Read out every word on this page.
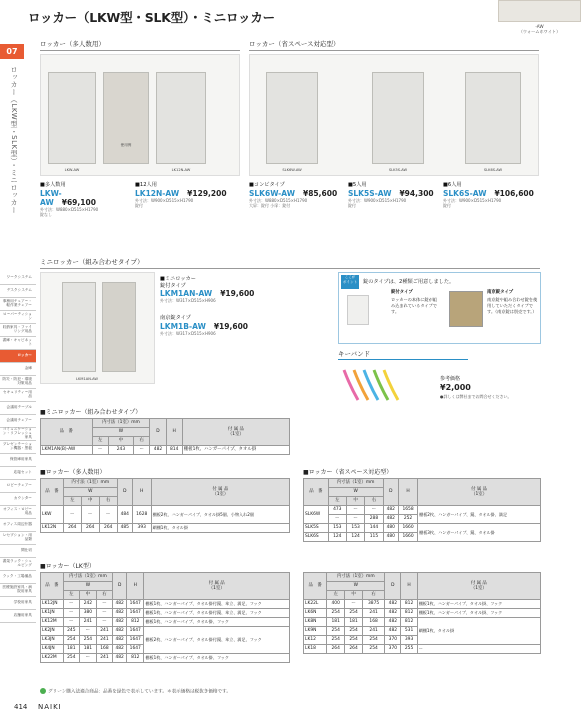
ロッカー（LKW型・SLK型）・ミニロッカー
-AW
（ウォームホワイト）
07
ロッカー（LKW型・SLK型）・ミニロッカー
ロッカー（多人数用）	ロッカー（省スペース対応型）
LKW-AW
使用例
LK12N-AW	SLK6W-AW	SLK5S-AW	SLK6S-AW
■多人数用
LKW-AW ¥69,100
外寸法：W880×D515×H1790
錠なし
■12人用
LK12N-AW ¥129,200
外寸法：W900×D515×H1790
錠付
■コンビタイプ
SLK6W-AW ¥85,600
外寸法：W880×D515×H1790
大扉：錠付 小扉：錠付
■5人用
SLK5S-AW ¥94,300
外寸法：W900×D515×H1790
錠付
■6人用
SLK6S-AW ¥106,600
外寸法：W900×D515×H1790
錠付
ワークシステム
デスクシステム
事務用チェアー・軽作業チェアー
ローパーティション
収納家具・ファイリング用品
書庫・キャビネット
ロッカー
金庫
防災・防犯・環境対策用品
セキュリティー用品
会議用テーブル
会議用チェアー
コミュニケーション・リフレッシュ家具
プレゼンテーション機器・黒板
保管庫用家具
応接セット
ロビーチェアー
カウンター
オフィス・ロビー用品
オフィス周辺什器
レセプション・用品類
間仕切
書架ラック・シェルビング
ラック・工場備品
医療施設家具・病院用家具
学校用家具
店舗用家具
ミニロッカー（組み合わせタイプ）
LKM1AN-AW
■ミニロッカー
錠付タイプ
LKM1AN-AW ¥19,600
外寸法：W317×D515×H906
南京錠タイプ
LKM1B-AW ¥19,600
外寸法：W317×D515×H906
ここが
ポイント	錠のタイプは、2種類ご用意しました。
錠付タイプ
ロッカーの本体に錠が組み込まれているタイプです。
南京錠タイプ
南京錠や組み合わせ錠を使用していただくタイプです。（南京錠は別売です。）
キーバンド
参考価格
¥2,000
●詳しくは弊社までお問合せください。
■ミニロッカー（組み合わせタイプ）
■ロッカー（多人数用）	■ロッカー（省スペース対応型）
■ロッカー（LK型）
品　番	内寸法（1室）mm			D	H	付 属 品
（1室）
	W					
	左	中	右			
LKM1AN(B)-AW	ー	243	ー	482	814	棚板1枚、ハンガーパイプ、タオル掛
品　番	内寸法（1室）mm			D	H	付 属 品
（1室）
	W					
	左	中	右			
LKW	ー	ー	ー	484	1628	棚板2枚、ハンガーパイプ、タオル掛5個、小物入れ2個
LK12N	264	264	264	485	393	網棚1枚、タオル掛
品　番	内寸法（1室）mm			D	H	付 属 品
（1室）
	W					
	左	中	右			
SLK6W	473	ー	ー	482	1658	棚板2枚、ハンガーパイプ、鏡、タオル掛、満足
	ー	ー	288	482	252	
SLK5S	153	153	144	480	1660	棚板3枚、ハンガーパイプ、鏡、タオル掛
SLK6S	124	124	115	480	1660	
品　番	内寸法（1室）mm			D	H	付 属 品
（1室）
	W					
	左	中	右			
LK12JN	ー	242	ー	482	1647	棚板1枚、ハンガーパイプ、タオル掛付鏡、傘立、満足、フック
LK1JN	ー	380	ー	482	1647	棚板1枚、ハンガーパイプ、タオル掛付鏡、傘立、満足、フック
LK12M	ー	241	ー	482	812	棚板1枚、ハンガーパイプ、タオル掛、フック
LK2JN	245	ー	241	482	1647	棚板2枚、ハンガーパイプ、タオル掛付鏡、傘立、満足、フック
LK3JN	254	254	241	482	1647	
LK4JN	181	181	168	482	1647	
LK22M	254	ー	241	482	812	棚板1枚、ハンガーパイプ、タオル掛、フック
品　番	内寸法（1室）mm			D	H	付 属 品
（1室）
	W					
	左	中	右			
LK22L	400	ー	3875	482	812	棚板1枚、ハンガーパイプ、タオル掛、フック
LK6N	254	254	241	482	812	棚板1枚、ハンガーパイプ、タオル掛、フック
LK8N	181	181	168	482	812	網棚1枚、タオル掛
LK9N	254	254	241	482	531	
LK12	254	254	254	370	393	
LK18	264	264	254	370	255	ー
グリーン購入法適合商品：品番を緑色で表示しています。＊表示価格は税抜き価格です。
414 NAIKI
